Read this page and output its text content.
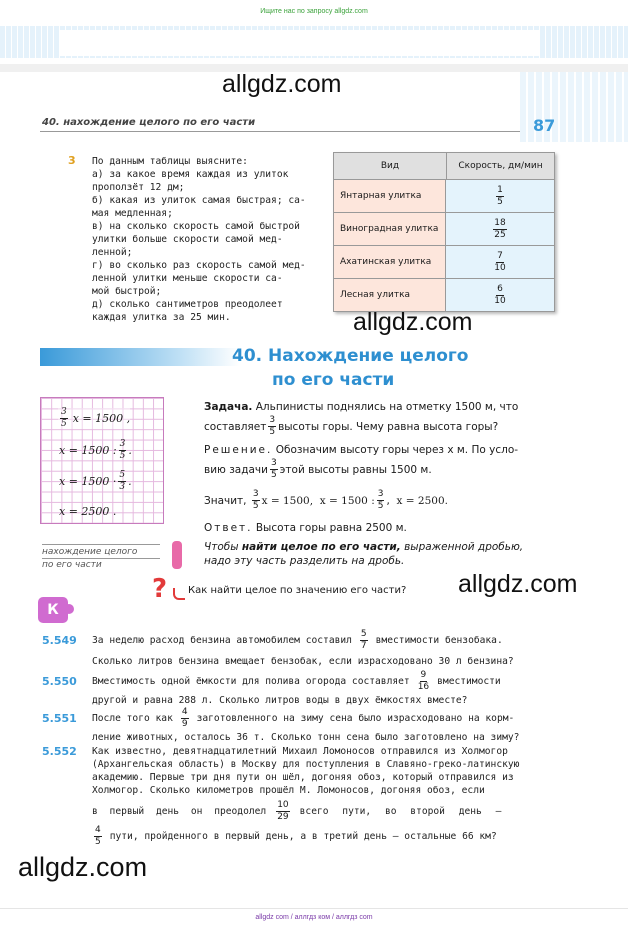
Ищите нас по запросу allgdz.com
allgdz.com
40. нахождение целого по его части	87
3 По данным таблицы выясните:
а) за какое время каждая из улиток
проползёт 12 дм;
б) какая из улиток самая быстрая; са-
мая медленная;
в) на сколько скорость самой быстрой
улитки больше скорости самой мед-
ленной;
г) во сколько раз скорость самой мед-
ленной улитки меньше скорости са-
мой быстрой;
д) сколько сантиметров преодолеет
каждая улитка за 25 мин.
Вид	Скорость, дм/мин
Янтарная улитка	$\frac{1}{5}$
Виноградная улитка	$\frac{18}{25}$
Ахатинская улитка	$\frac{7}{10}$
Лесная улитка	$\frac{6}{10}$
allgdz.com
40. Нахождение целого
по его части
$\frac{3}{5}$ x = 1500 ,
x = 1500 : $\frac{3}{5}$ .
$x = 1500 \cdot \frac{5}{3}$ .
x = 2500 .
Задача. Альпинисты поднялись на отметку 1500 м, что
составляет $\frac{3}{5}$ высоты горы. Чему равна высота горы?
Решение. Обозначим высоту горы через x м. По усло-
вию задачи $\frac{3}{5}$ этой высоты равны 1500 м.
Значит,
$\frac{3}{5}$ x = 1500,
x = 1500 : $\frac{3}{5}$ ,
x = 2500.
Ответ. Высота горы равна 2500 м.
нахождение целого
по его части
Чтобы найти целое по его части, выраженной дробью,
надо эту часть разделить на дробь.
? Как найти целое по значению его части? allgdz.com
К
5.549	За неделю расход бензина автомобилем составил $\frac{5}{7}$ вместимости бензобака.
Сколько литров бензина вмещает бензобак, если израсходовано 30 л бензина?
5.550	Вместимость одной ёмкости для полива огорода составляет $\frac{9}{16}$ вместимости
другой и равна 288 л. Сколько литров воды в двух ёмкостях вместе?
5.551	После того как $\frac{4}{9}$ заготовленного на зиму сена было израсходовано на корм-
ление животных, осталось 36 т. Сколько тонн сена было заготовлено на зиму?
5.552	Как известно, девятнадцатилетний Михаил Ломоносов отправился из Холмогор
(Архангельская область) в Москву для поступления в Славяно-греко-латинскую
академию. Первые три дня пути он шёл, догоняя обоз, который отправился из
Холмогор. Сколько километров прошёл М. Ломоносов, догоняя обоз, если
в первый день он преодолел $\frac{10}{29}$ всего пути, во второй день —
$\frac{4}{5}$ пути, пройденного в первый день, а в третий день — остальные 66 км?
allgdz.com
allgdz com / аллгдз ком / аллгдз com
